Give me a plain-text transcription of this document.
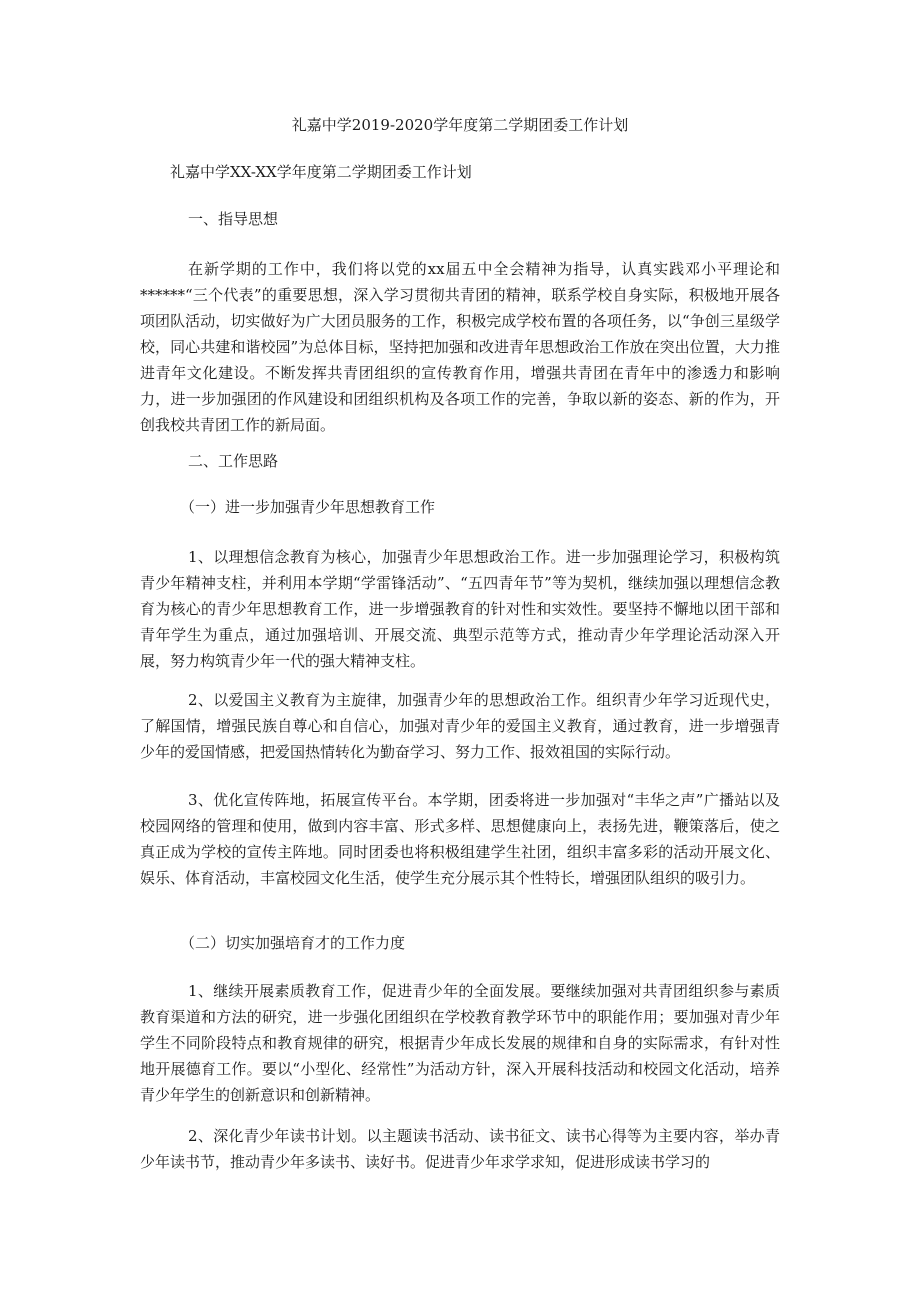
礼嘉中学2019-2020学年度第二学期团委工作计划
礼嘉中学XX-XX学年度第二学期团委工作计划
一、指导思想

在新学期的工作中，我们将以党的xx届五中全会精神为指导，认真实践邓小平理论和******“三个代表”的重要思想，深入学习贯彻共青团的精神，联系学校自身实际，积极地开展各项团队活动，切实做好为广大团员服务的工作，积极完成学校布置的各项任务，以“争创三星级学校，同心共建和谐校园”为总体目标，坚持把加强和改进青年思想政治工作放在突出位置，大力推进青年文化建设。不断发挥共青团组织的宣传教育作用，增强共青团在青年中的渗透力和影响力，进一步加强团的作风建设和团组织机构及各项工作的完善，争取以新的姿态、新的作为，开创我校共青团工作的新局面。

二、工作思路
（一）进一步加强青少年思想教育工作

1、以理想信念教育为核心，加强青少年思想政治工作。进一步加强理论学习，积极构筑青少年精神支柱，并利用本学期“学雷锋活动”、“五四青年节”等为契机，继续加强以理想信念教育为核心的青少年思想教育工作，进一步增强教育的针对性和实效性。要坚持不懈地以团干部和青年学生为重点，通过加强培训、开展交流、典型示范等方式，推动青少年学理论活动深入开展，努力构筑青少年一代的强大精神支柱。

2、以爱国主义教育为主旋律，加强青少年的思想政治工作。组织青少年学习近现代史，了解国情，增强民族自尊心和自信心，加强对青少年的爱国主义教育，通过教育，进一步增强青少年的爱国情感，把爱国热情转化为勤奋学习、努力工作、报效祖国的实际行动。

3、优化宣传阵地，拓展宣传平台。本学期，团委将进一步加强对“丰华之声”广播站以及校园网络的管理和使用，做到内容丰富、形式多样、思想健康向上，表扬先进，鞭策落后，使之真正成为学校的宣传主阵地。同时团委也将积极组建学生社团，组织丰富多彩的活动开展文化、娱乐、体育活动，丰富校园文化生活，使学生充分展示其个性特长，增强团队组织的吸引力。

（二）切实加强培育才的工作力度

1、继续开展素质教育工作，促进青少年的全面发展。要继续加强对共青团组织参与素质教育渠道和方法的研究，进一步强化团组织在学校教育教学环节中的职能作用；要加强对青少年学生不同阶段特点和教育规律的研究，根据青少年成长发展的规律和自身的实际需求，有针对性地开展德育工作。要以“小型化、经常性”为活动方针，深入开展科技活动和校园文化活动，培养青少年学生的创新意识和创新精神。

2、深化青少年读书计划。以主题读书活动、读书征文、读书心得等为主要内容，举办青少年读书节，推动青少年多读书、读好书。促进青少年求学求知，促进形成读书学习的
